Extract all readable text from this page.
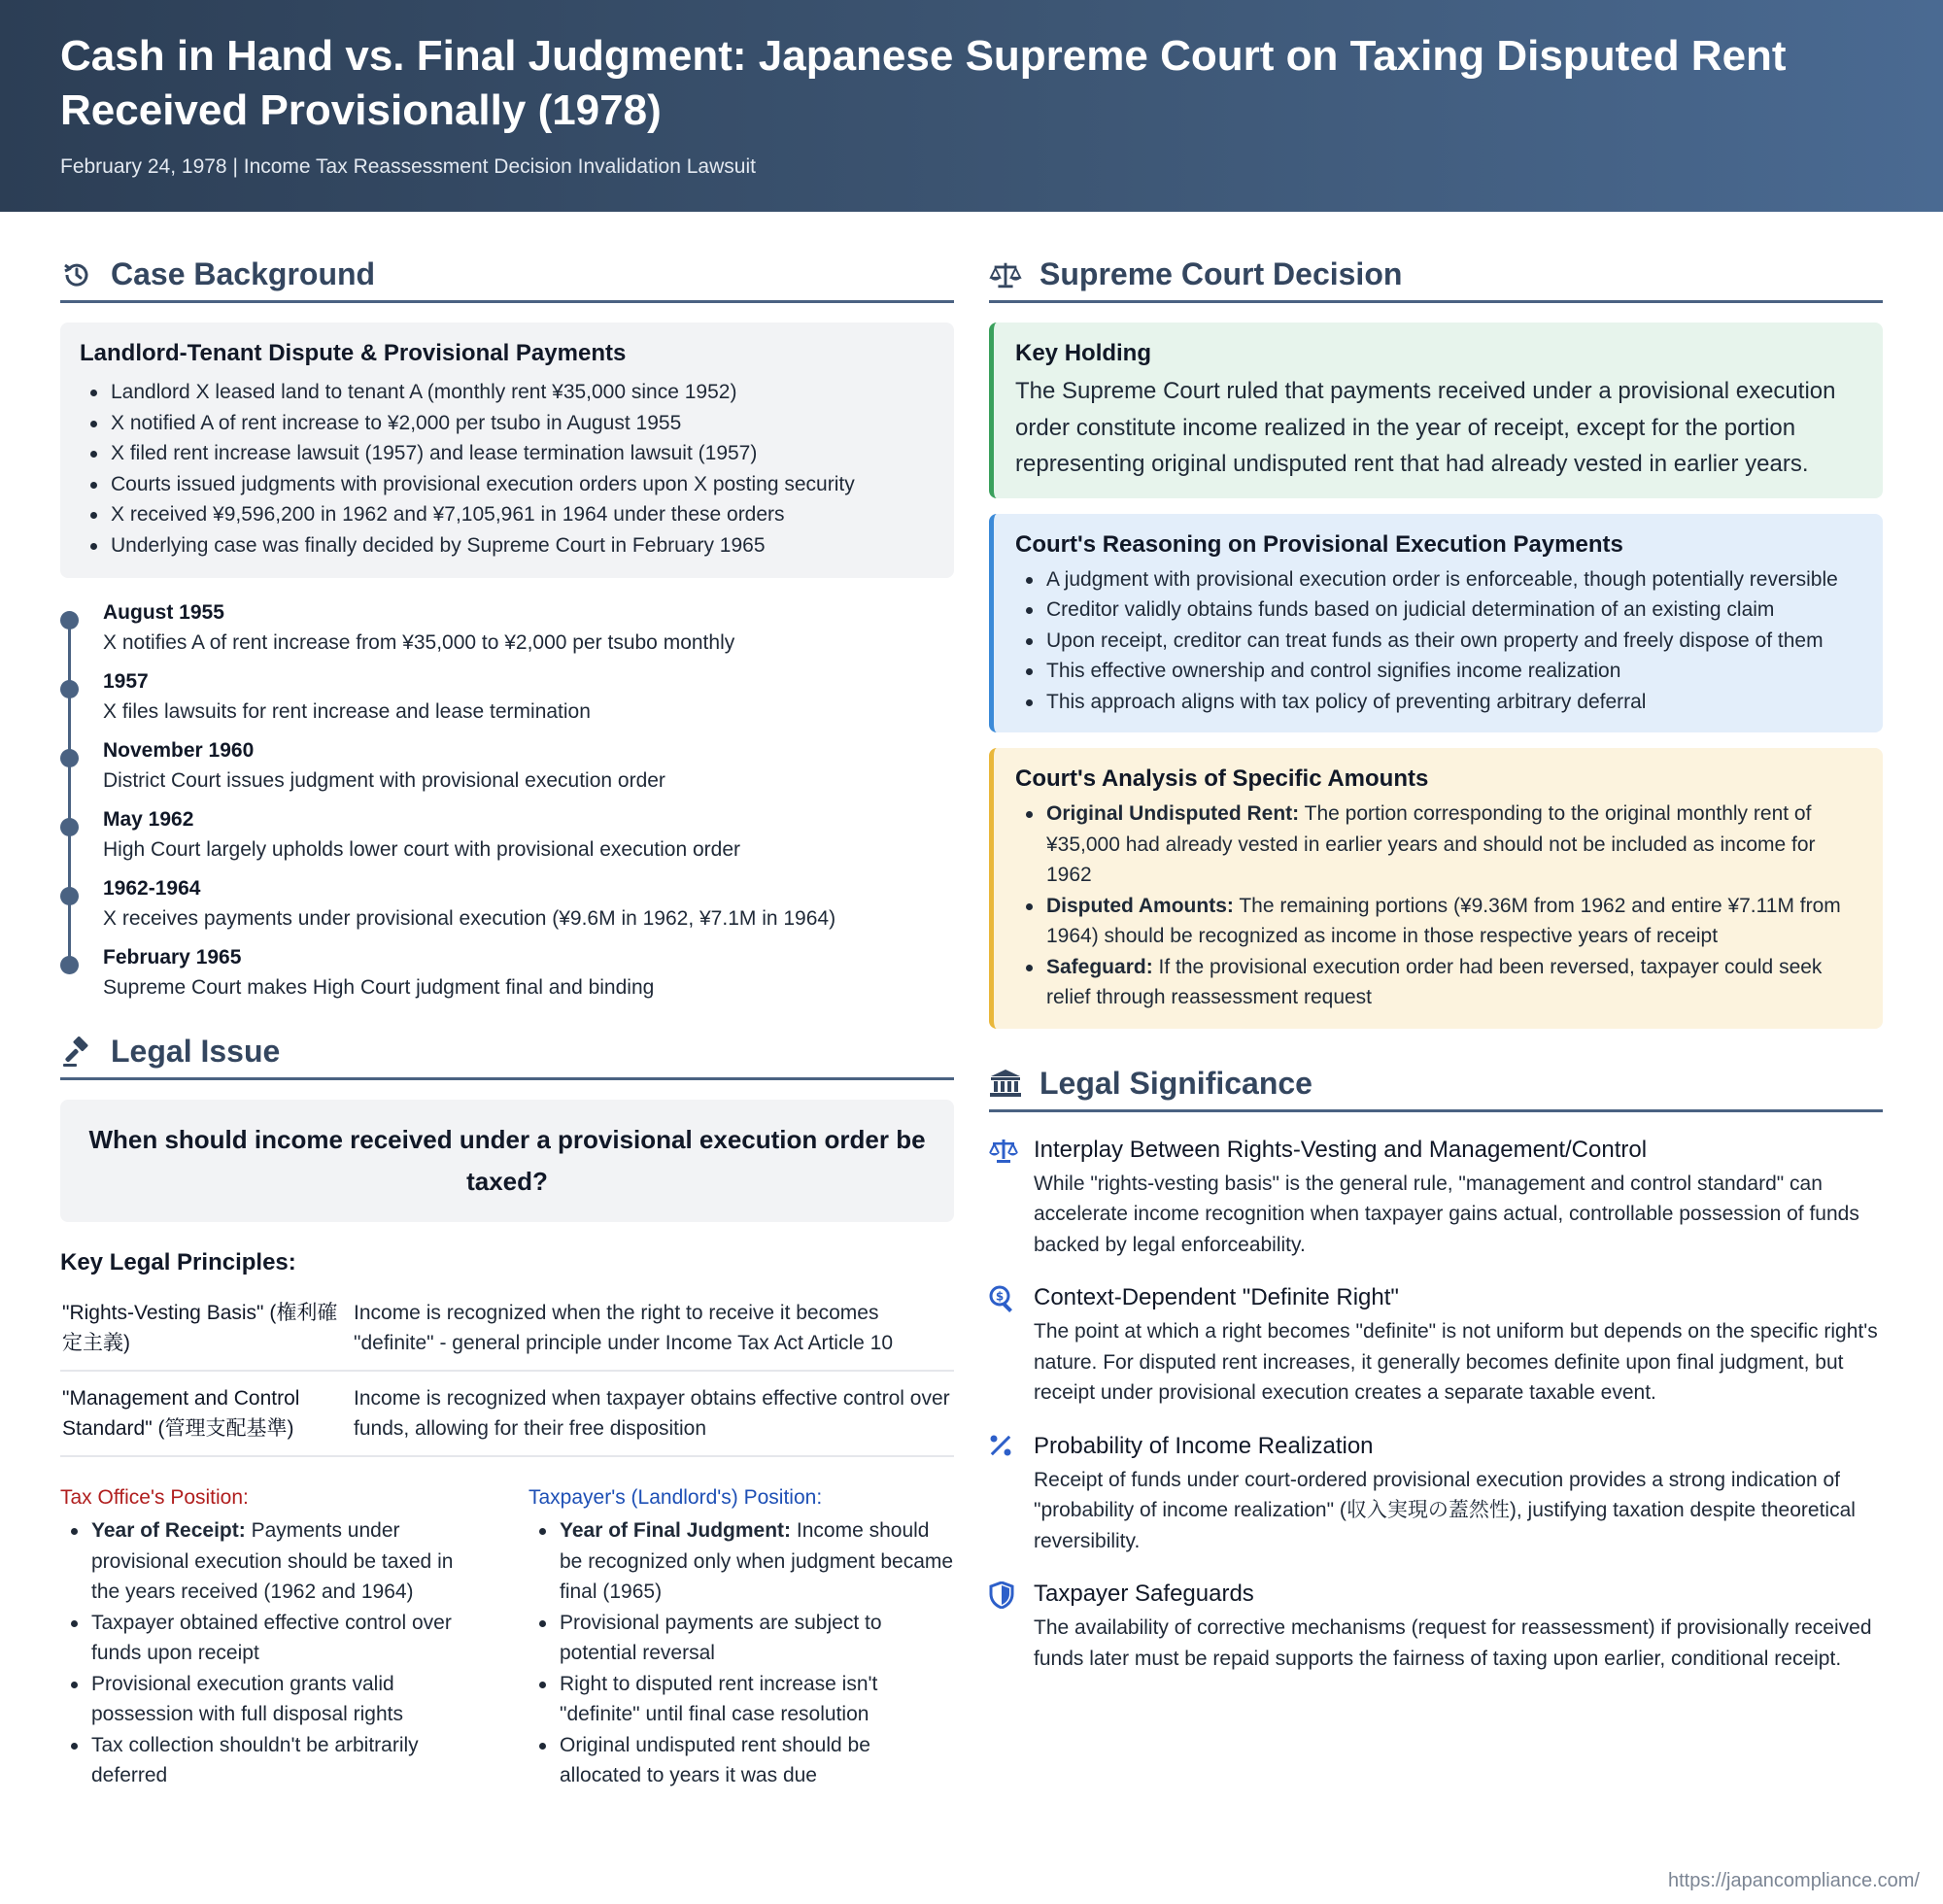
Cash in Hand vs. Final Judgment: Japanese Supreme Court on Taxing Disputed Rent Received Provisionally (1978)
February 24, 1978 | Income Tax Reassessment Decision Invalidation Lawsuit
Case Background
Landlord-Tenant Dispute & Provisional Payments
Landlord X leased land to tenant A (monthly rent ¥35,000 since 1952)
X notified A of rent increase to ¥2,000 per tsubo in August 1955
X filed rent increase lawsuit (1957) and lease termination lawsuit (1957)
Courts issued judgments with provisional execution orders upon X posting security
X received ¥9,596,200 in 1962 and ¥7,105,961 in 1964 under these orders
Underlying case was finally decided by Supreme Court in February 1965
August 1955
X notifies A of rent increase from ¥35,000 to ¥2,000 per tsubo monthly
1957
X files lawsuits for rent increase and lease termination
November 1960
District Court issues judgment with provisional execution order
May 1962
High Court largely upholds lower court with provisional execution order
1962-1964
X receives payments under provisional execution (¥9.6M in 1962, ¥7.1M in 1964)
February 1965
Supreme Court makes High Court judgment final and binding
Legal Issue
When should income received under a provisional execution order be taxed?
Key Legal Principles:
"Rights-Vesting Basis" (権利確定主義)	Income is recognized when the right to receive it becomes "definite" - general principle under Income Tax Act Article 10
"Management and Control Standard" (管理支配基準)	Income is recognized when taxpayer obtains effective control over funds, allowing for their free disposition
Tax Office's Position:
Year of Receipt: Payments under provisional execution should be taxed in the years received (1962 and 1964)
Taxpayer obtained effective control over funds upon receipt
Provisional execution grants valid possession with full disposal rights
Tax collection shouldn't be arbitrarily deferred
Taxpayer's (Landlord's) Position:
Year of Final Judgment: Income should be recognized only when judgment became final (1965)
Provisional payments are subject to potential reversal
Right to disputed rent increase isn't "definite" until final case resolution
Original undisputed rent should be allocated to years it was due
Supreme Court Decision
Key Holding
The Supreme Court ruled that payments received under a provisional execution order constitute income realized in the year of receipt, except for the portion representing original undisputed rent that had already vested in earlier years.
Court's Reasoning on Provisional Execution Payments
A judgment with provisional execution order is enforceable, though potentially reversible
Creditor validly obtains funds based on judicial determination of an existing claim
Upon receipt, creditor can treat funds as their own property and freely dispose of them
This effective ownership and control signifies income realization
This approach aligns with tax policy of preventing arbitrary deferral
Court's Analysis of Specific Amounts
Original Undisputed Rent: The portion corresponding to the original monthly rent of ¥35,000 had already vested in earlier years and should not be included as income for 1962
Disputed Amounts: The remaining portions (¥9.36M from 1962 and entire ¥7.11M from 1964) should be recognized as income in those respective years of receipt
Safeguard: If the provisional execution order had been reversed, taxpayer could seek relief through reassessment request
Legal Significance
Interplay Between Rights-Vesting and Management/Control

While "rights-vesting basis" is the general rule, "management and control standard" can accelerate income recognition when taxpayer gains actual, controllable possession of funds backed by legal enforceability.

$ Context-Dependent "Definite Right"

The point at which a right becomes "definite" is not uniform but depends on the specific right's nature. For disputed rent increases, it generally becomes definite upon final judgment, but receipt under provisional execution creates a separate taxable event.

Probability of Income Realization

Receipt of funds under court-ordered provisional execution provides a strong indication of "probability of income realization" (収入実現の蓋然性), justifying taxation despite theoretical reversibility.

Taxpayer Safeguards

The availability of corrective mechanisms (request for reassessment) if provisionally received funds later must be repaid supports the fairness of taxing upon earlier, conditional receipt.

https://japancompliance.com/
